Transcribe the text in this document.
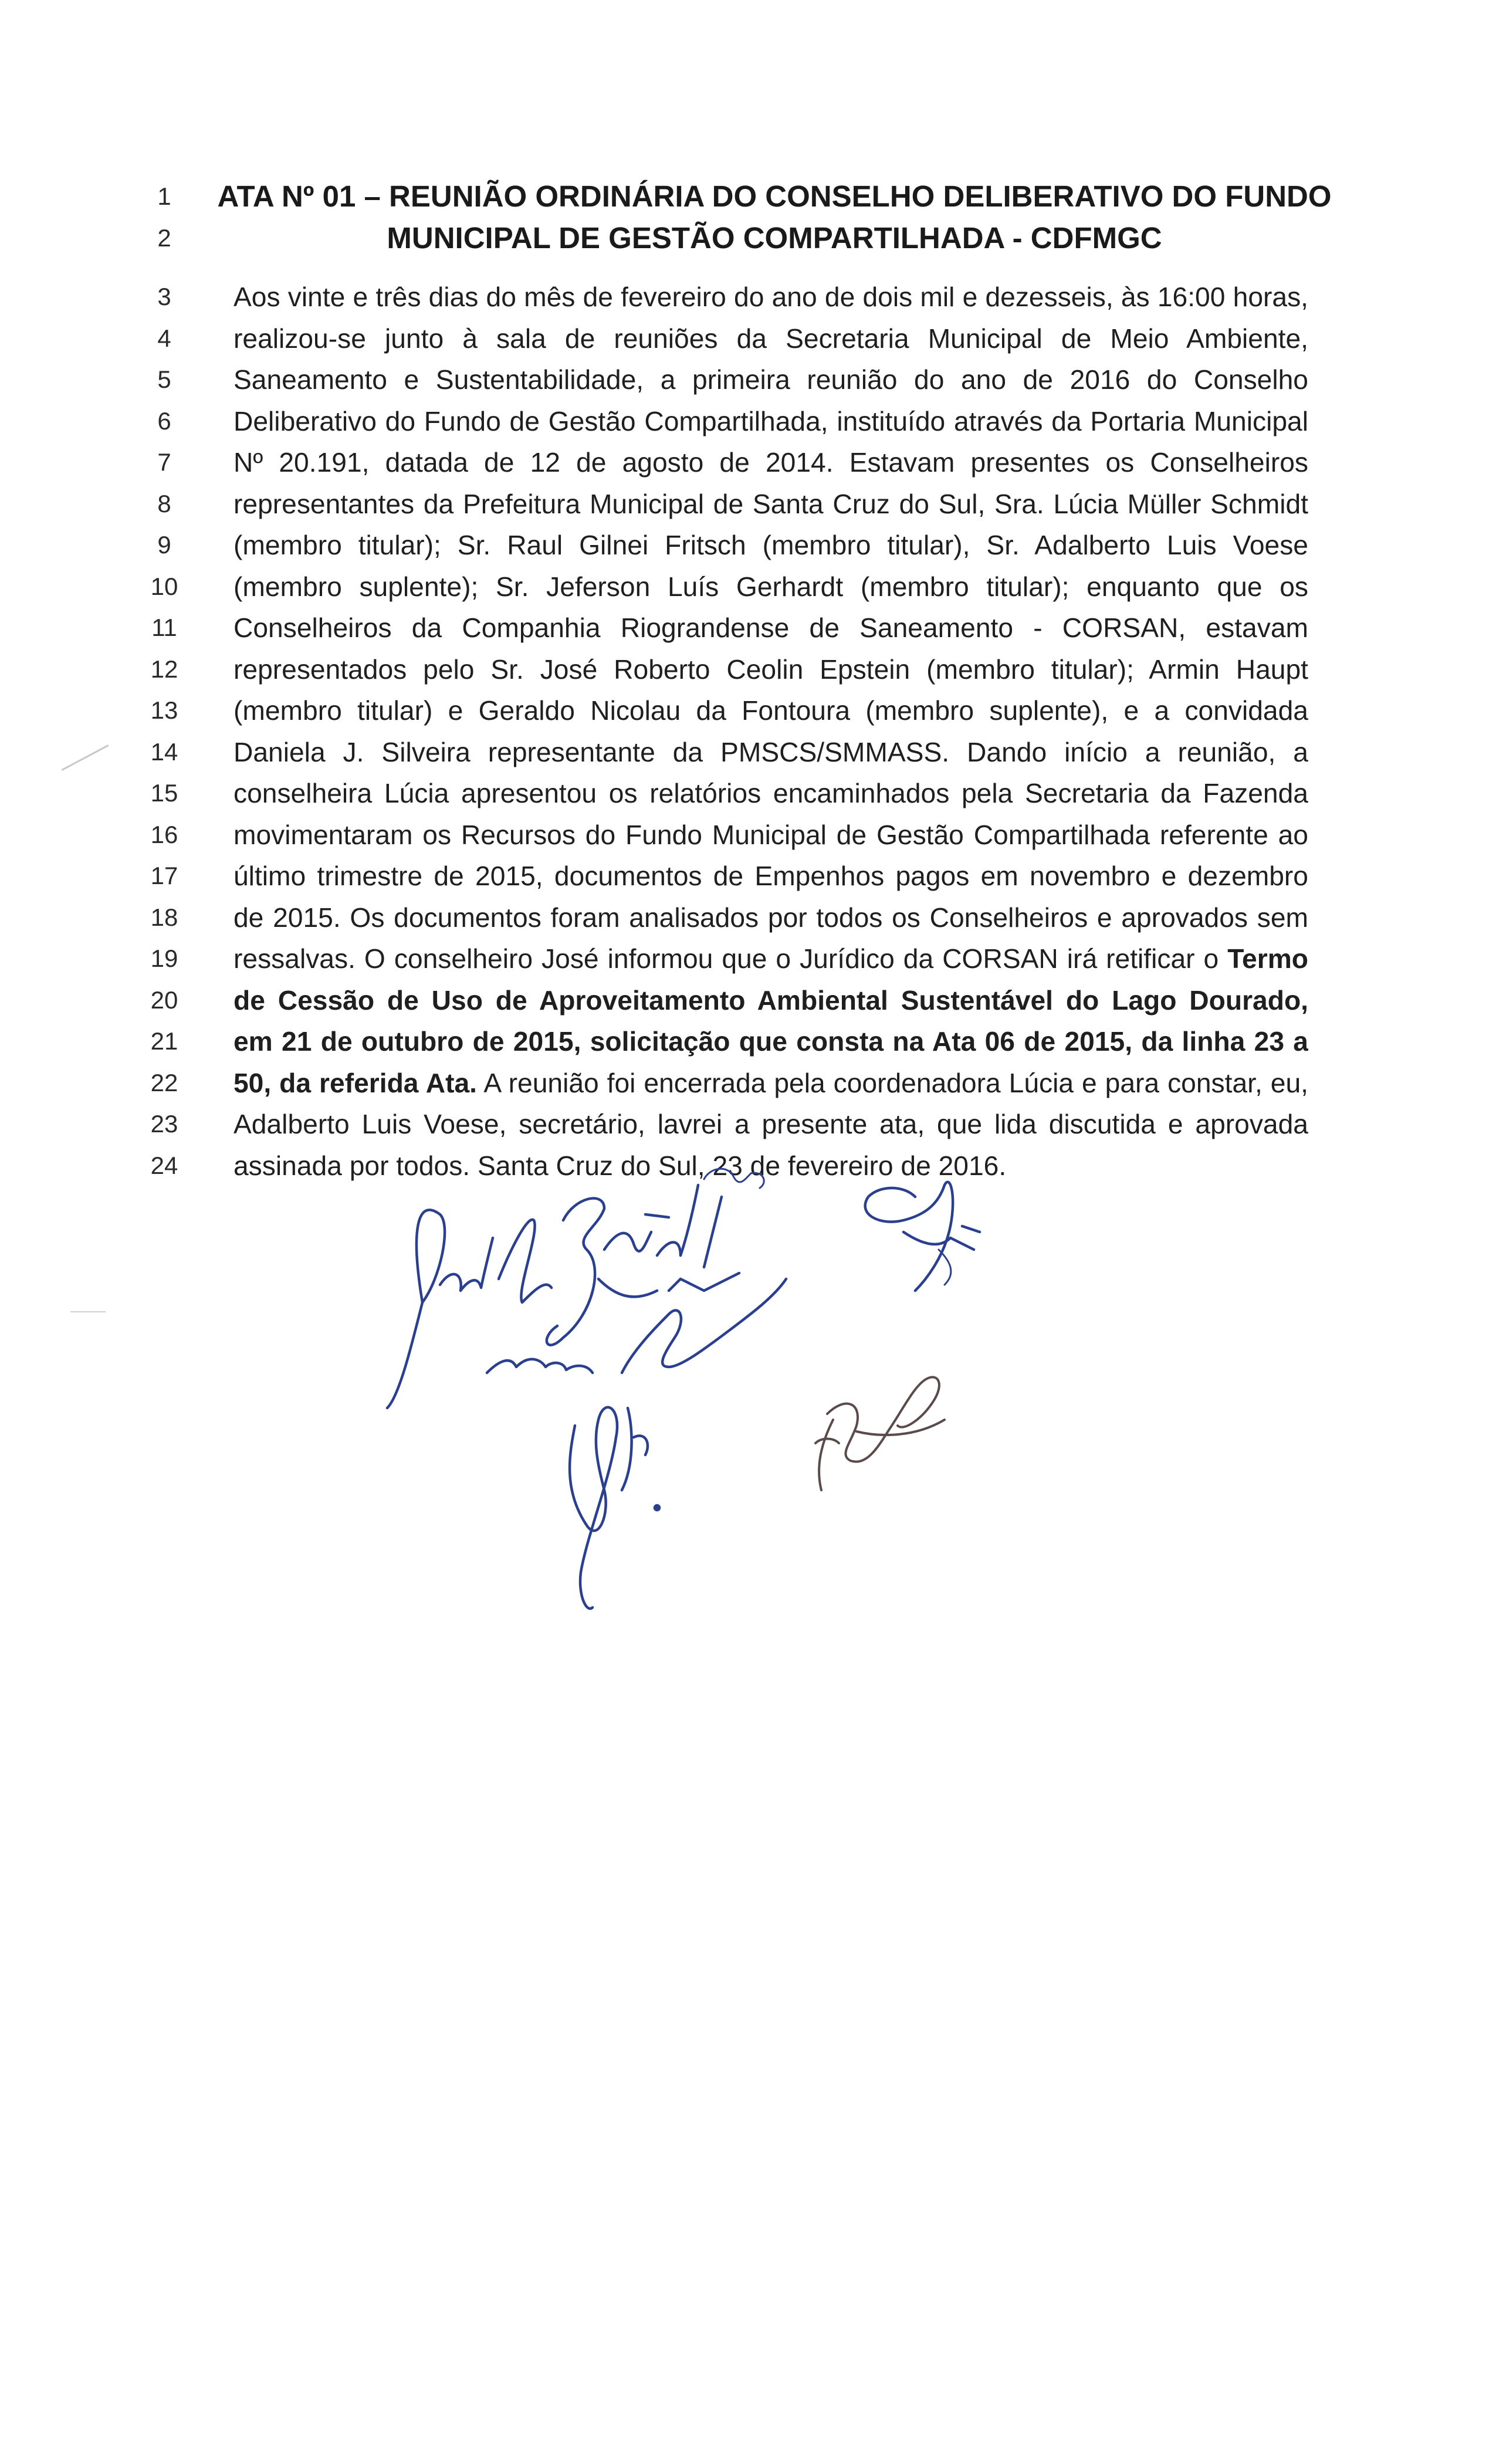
1	ATA Nº 01 – REUNIÃO ORDINÁRIA DO CONSELHO DELIBERATIVO DO FUNDO
2	MUNICIPAL DE GESTÃO COMPARTILHADA - CDFMGC
3	Aos vinte e três dias do mês de fevereiro do ano de dois mil e dezesseis, às 16:00 horas,
4	realizou-se junto à sala de reuniões da Secretaria Municipal de Meio Ambiente,
5	Saneamento e Sustentabilidade, a primeira reunião do ano de 2016 do Conselho
6	Deliberativo do Fundo de Gestão Compartilhada, instituído através da Portaria Municipal
7	Nº 20.191, datada de 12 de agosto de 2014. Estavam presentes os Conselheiros
8	representantes da Prefeitura Municipal de Santa Cruz do Sul, Sra. Lúcia Müller Schmidt
9	(membro titular); Sr. Raul Gilnei Fritsch (membro titular), Sr. Adalberto Luis Voese
10	(membro suplente); Sr. Jeferson Luís Gerhardt (membro titular); enquanto que os
11	Conselheiros da Companhia Riograndense de Saneamento - CORSAN, estavam
12	representados pelo Sr. José Roberto Ceolin Epstein (membro titular); Armin Haupt
13	(membro titular) e Geraldo Nicolau da Fontoura (membro suplente), e a convidada
14	Daniela J. Silveira representante da PMSCS/SMMASS. Dando início a reunião, a
15	conselheira Lúcia apresentou os relatórios encaminhados pela Secretaria da Fazenda
16	movimentaram os Recursos do Fundo Municipal de Gestão Compartilhada referente ao
17	último trimestre de 2015, documentos de Empenhos pagos em novembro e dezembro
18	de 2015. Os documentos foram analisados por todos os Conselheiros e aprovados sem
19	ressalvas. O conselheiro José informou que o Jurídico da CORSAN irá retificar o Termo
20	de Cessão de Uso de Aproveitamento Ambiental Sustentável do Lago Dourado,
21	em 21 de outubro de 2015, solicitação que consta na Ata 06 de 2015, da linha 23 a
22	50, da referida Ata. A reunião foi encerrada pela coordenadora Lúcia e para constar, eu,
23	Adalberto Luis Voese, secretário, lavrei a presente ata, que lida discutida e aprovada
24	assinada por todos. Santa Cruz do Sul, 23 de fevereiro de 2016.
